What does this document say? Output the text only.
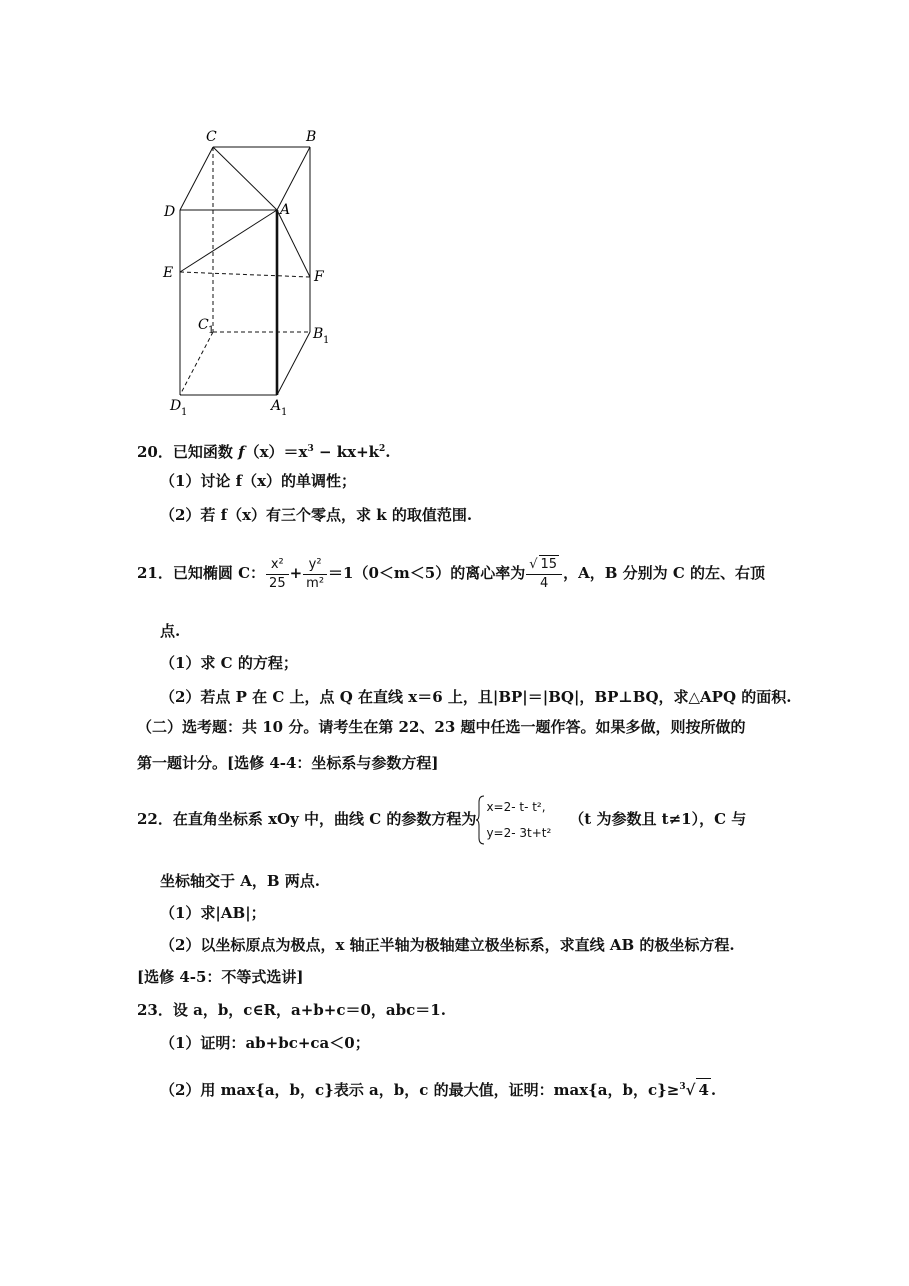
C	B
D	A
E	F
C 1	B 1
D 1	A 1
20．已知函数 $f(x)=x^3 - kx+k^2$.
（1）讨论 f（x）的单调性；
（2）若 f（x）有三个零点，求 k 的取值范围.
21．已知椭圆 C： $\frac{\text{x²}}{25} + \frac{\text{y²}}{\text{m²}} =1(0<m<5)$的离心率为 $\frac{√ 15}{4}$ ，A，B 分别为 C 的左、右顶
点.
（1）求 C 的方程；
（2）若点 P 在 C 上，点 Q 在直线 x＝6 上，且|BP|＝|BQ|，BP⊥BQ，求△APQ 的面积.
（二）选考题：共 10 分。请考生在第 22、23 题中任选一题作答。如果多做，则按所做的
第一题计分。[选修 4-4：坐标系与参数方程]
22．在直角坐标系 xOy 中，曲线 C 的参数方程为
x=2- t- t²,
y=2- 3t+t²
（t 为参数且 t≠1），C 与
坐标轴交于 A，B 两点.
（1）求|AB|；
（2）以坐标原点为极点，x 轴正半轴为极轴建立极坐标系，求直线 AB 的极坐标方程.
[选修 4-5：不等式选讲]
23．设 a，b，c∈R，a+b+c＝0，abc＝1.
（1）证明：ab+bc+ca＜0；
（2）用 max{a，b，c}表示 a，b，c 的最大值，证明：max{a，b，c}≥$^3$√ 4 .
